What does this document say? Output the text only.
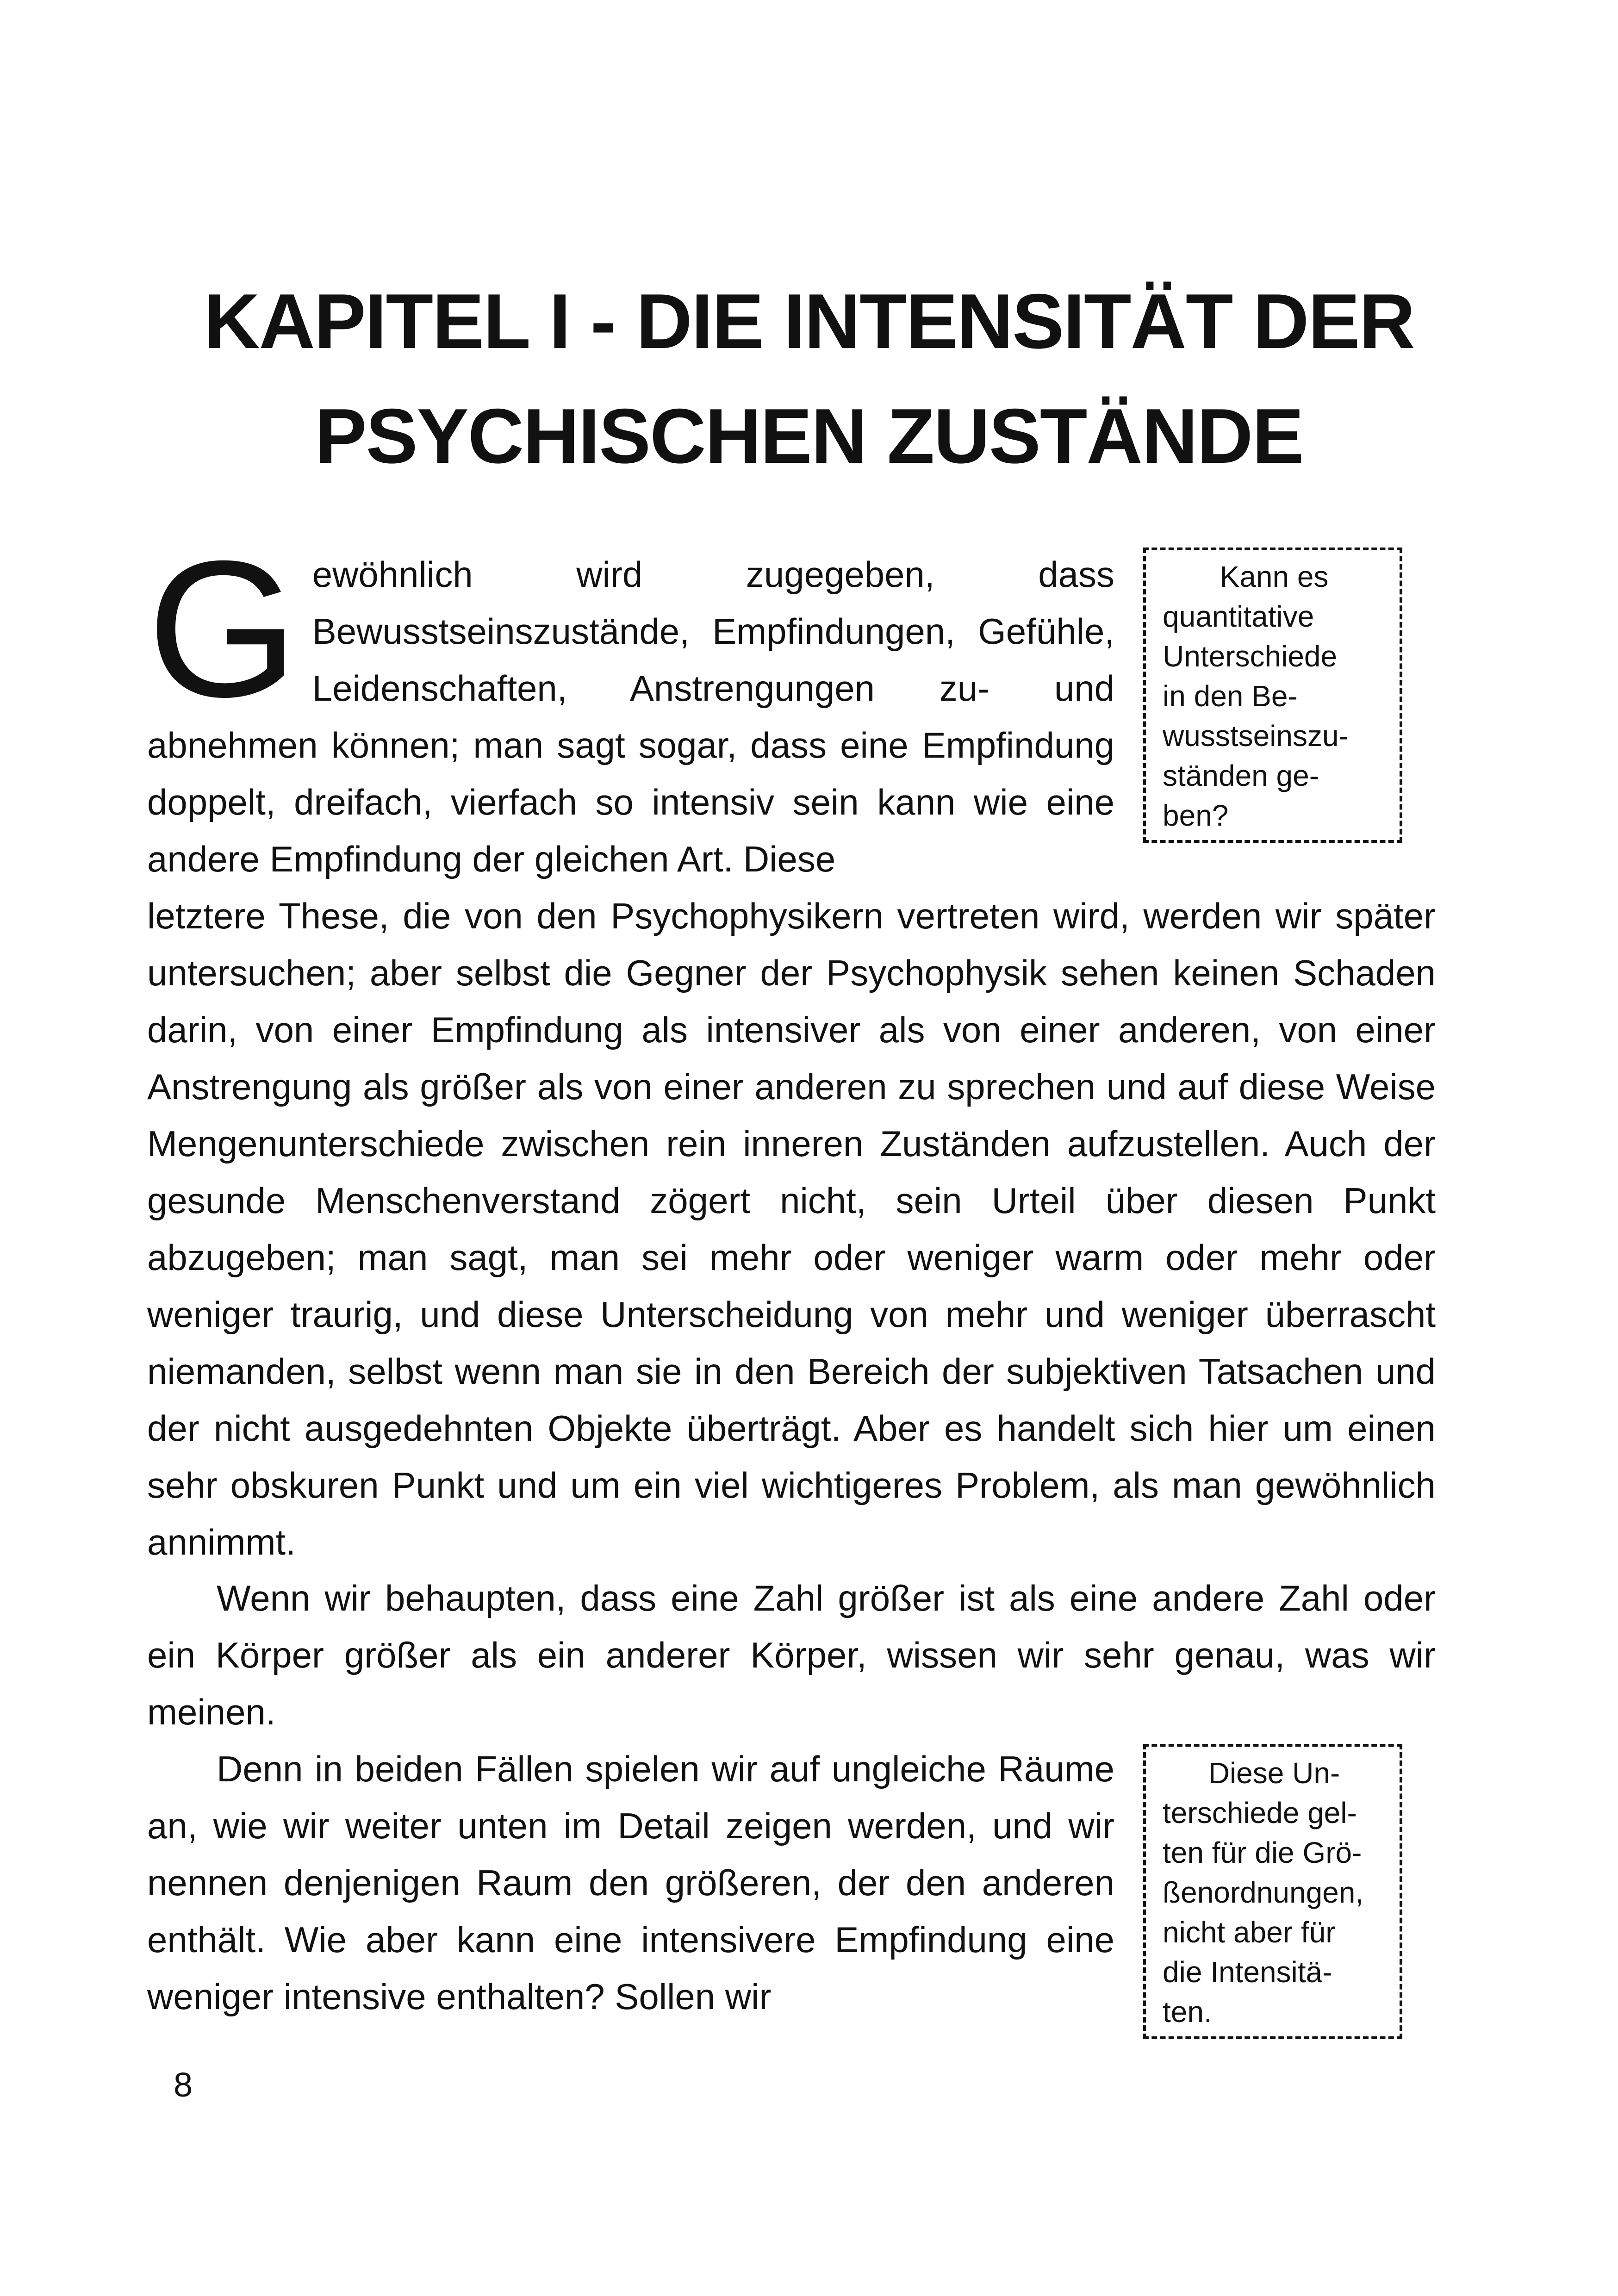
KAPITEL I - DIE INTENSITÄT DER
PSYCHISCHEN ZUSTÄNDE

Gewöhnlich wird zugegeben, dass Bewusstseinszustände, Empfindungen, Gefühle, Leidenschaften, Anstrengungen zu- und abnehmen können; man sagt sogar, dass eine Empfindung doppelt, dreifach, vierfach so intensiv sein kann wie eine andere Empfindung der gleichen Art. Diese

letztere These, die von den Psychophysikern vertreten wird, werden wir später untersuchen; aber selbst die Gegner der Psychophysik sehen keinen Schaden darin, von einer Empfindung als intensiver als von einer anderen, von einer Anstrengung als größer als von einer anderen zu sprechen und auf diese Weise Mengenunterschiede zwischen rein inneren Zuständen aufzustellen. Auch der gesunde Menschenverstand zögert nicht, sein Urteil über diesen Punkt abzugeben; man sagt, man sei mehr oder weniger warm oder mehr oder weniger traurig, und diese Unterscheidung von mehr und weniger überrascht niemanden, selbst wenn man sie in den Bereich der subjektiven Tatsachen und der nicht ausgedehnten Objekte überträgt. Aber es handelt sich hier um einen sehr obskuren Punkt und um ein viel wichtigeres Problem, als man gewöhnlich annimmt.

Wenn wir behaupten, dass eine Zahl größer ist als eine andere Zahl oder ein Körper größer als ein anderer Körper, wissen wir sehr genau, was wir meinen.

Denn in beiden Fällen spielen wir auf ungleiche Räume an, wie wir weiter unten im Detail zeigen werden, und wir nennen denjenigen Raum den größeren, der den anderen enthält. Wie aber kann eine intensivere Empfindung eine weniger intensive enthalten? Sollen wir

Kann es

quantitative

Unterschiede

in den Be-

wusstseinszu-

ständen ge-

ben?

Diese Un-

terschiede gel-

ten für die Grö-

ßenordnungen,

nicht aber für

die Intensitä-

ten.

8
